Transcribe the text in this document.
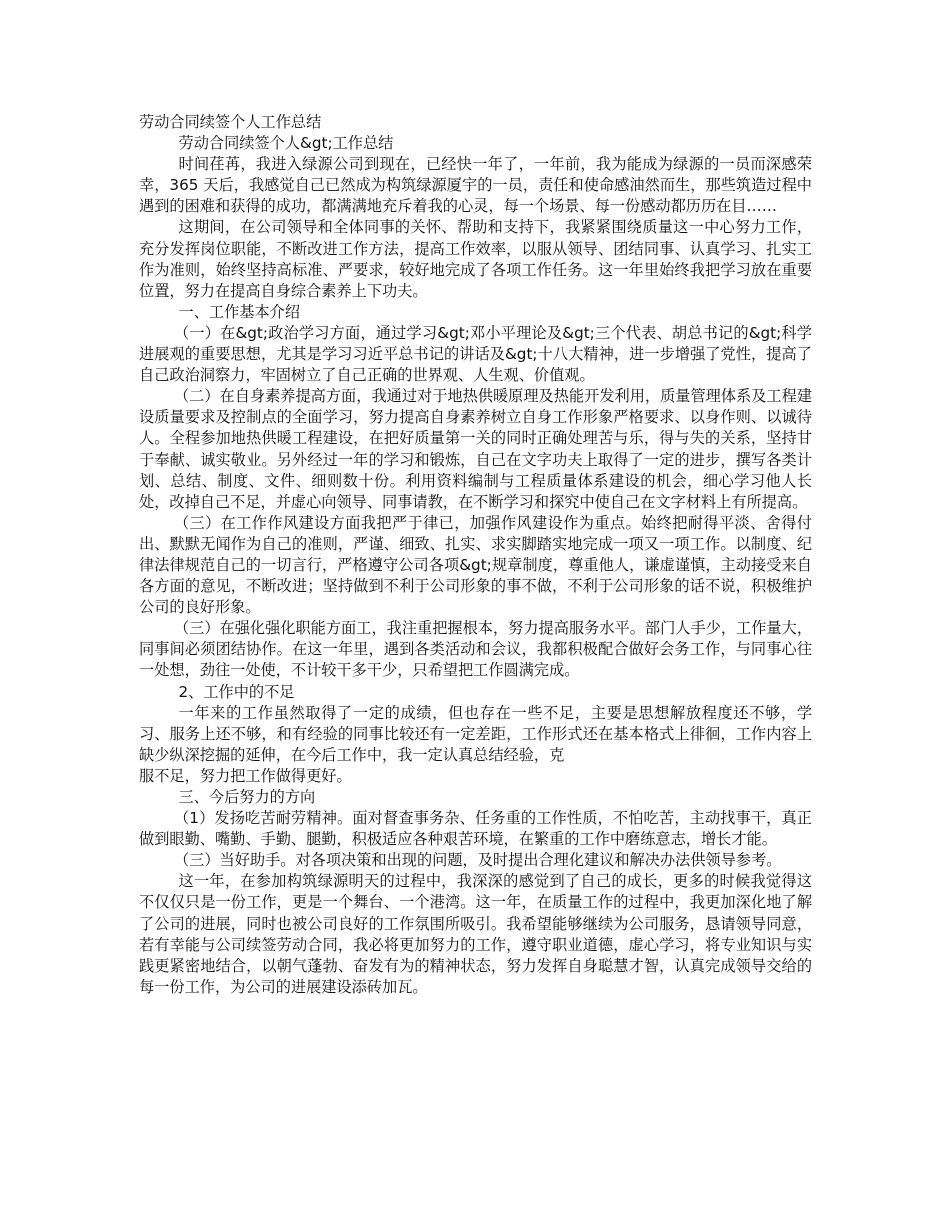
劳动合同续签个人工作总结

劳动合同续签个人&gt;工作总结

时间荏苒，我进入绿源公司到现在，已经快一年了，一年前，我为能成为绿源的一员而深感荣幸，365 天后，我感觉自己已然成为构筑绿源厦宇的一员，责任和使命感油然而生，那些筑造过程中遇到的困难和获得的成功，都满满地充斥着我的心灵，每一个场景、每一份感动都历历在目……

这期间，在公司领导和全体同事的关怀、帮助和支持下，我紧紧围绕质量这一中心努力工作，充分发挥岗位职能，不断改进工作方法，提高工作效率，以服从领导、团结同事、认真学习、扎实工作为准则，始终坚持高标准、严要求，较好地完成了各项工作任务。这一年里始终我把学习放在重要位置，努力在提高自身综合素养上下功夫。

一、工作基本介绍

（一）在&gt;政治学习方面，通过学习&gt;邓小平理论及&gt;三个代表、胡总书记的&gt;科学进展观的重要思想，尤其是学习习近平总书记的讲话及&gt;十八大精神，进一步增强了党性，提高了自己政治洞察力，牢固树立了自己正确的世界观、人生观、价值观。

（二）在自身素养提高方面，我通过对于地热供暖原理及热能开发利用，质量管理体系及工程建设质量要求及控制点的全面学习，努力提高自身素养树立自身工作形象严格要求、以身作则、以诚待人。全程参加地热供暖工程建设，在把好质量第一关的同时正确处理苦与乐，得与失的关系，坚持甘于奉献、诚实敬业。另外经过一年的学习和锻炼，自己在文字功夫上取得了一定的进步，撰写各类计划、总结、制度、文件、细则数十份。利用资料编制与工程质量体系建设的机会，细心学习他人长处，改掉自己不足，并虚心向领导、同事请教，在不断学习和探究中使自己在文字材料上有所提高。

（三）在工作作风建设方面我把严于律已，加强作风建设作为重点。始终把耐得平淡、舍得付出、默默无闻作为自己的准则，严谨、细致、扎实、求实脚踏实地完成一项又一项工作。以制度、纪律法律规范自己的一切言行，严格遵守公司各项&gt;规章制度，尊重他人，谦虚谨慎，主动接受来自各方面的意见，不断改进；坚持做到不利于公司形象的事不做，不利于公司形象的话不说，积极维护公司的良好形象。

（三）在强化强化职能方面工，我注重把握根本，努力提高服务水平。部门人手少，工作量大，同事间必须团结协作。在这一年里，遇到各类活动和会议，我都积极配合做好会务工作，与同事心往一处想，劲往一处使，不计较干多干少，只希望把工作圆满完成。

2、工作中的不足

一年来的工作虽然取得了一定的成绩，但也存在一些不足，主要是思想解放程度还不够，学习、服务上还不够，和有经验的同事比较还有一定差距，工作形式还在基本格式上徘徊，工作内容上缺少纵深挖掘的延伸，在今后工作中，我一定认真总结经验，克

服不足，努力把工作做得更好。

三、今后努力的方向

（1）发扬吃苦耐劳精神。面对督查事务杂、任务重的工作性质，不怕吃苦，主动找事干，真正做到眼勤、嘴勤、手勤、腿勤，积极适应各种艰苦环境，在繁重的工作中磨练意志，增长才能。

（三）当好助手。对各项决策和出现的问题，及时提出合理化建议和解决办法供领导参考。

这一年，在参加构筑绿源明天的过程中，我深深的感觉到了自己的成长，更多的时候我觉得这不仅仅只是一份工作，更是一个舞台、一个港湾。这一年，在质量工作的过程中，我更加深化地了解了公司的进展，同时也被公司良好的工作氛围所吸引。我希望能够继续为公司服务，恳请领导同意，若有幸能与公司续签劳动合同，我必将更加努力的工作，遵守职业道德，虚心学习，将专业知识与实践更紧密地结合，以朝气蓬勃、奋发有为的精神状态，努力发挥自身聪慧才智，认真完成领导交给的每一份工作，为公司的进展建设添砖加瓦。
